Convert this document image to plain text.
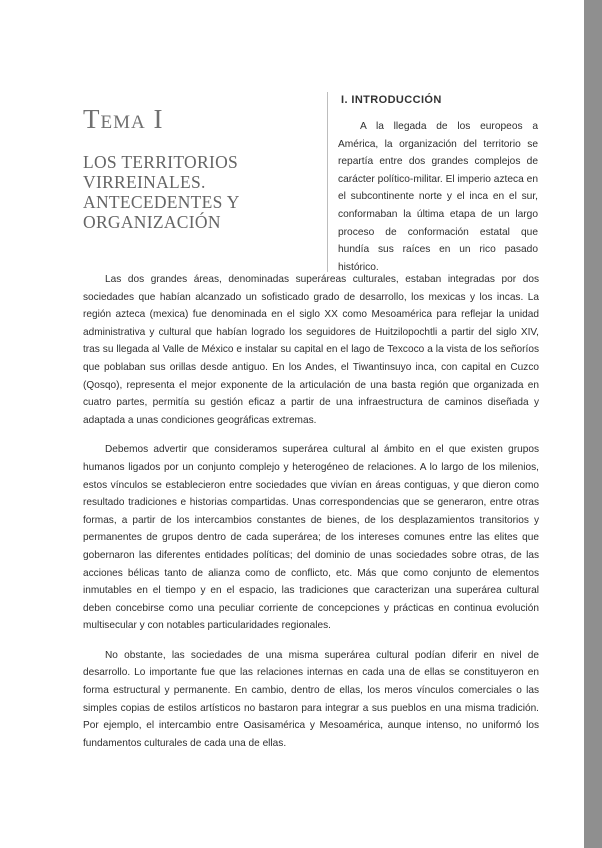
Tema I
LOS TERRITORIOS VIRREINALES. ANTECEDENTES Y ORGANIZACIÓN
I. INTRODUCCIÓN

A la llegada de los europeos a América, la organización del territorio se repartía entre dos grandes complejos de carácter político-militar. El imperio azteca en el subcontinente norte y el inca en el sur, conformaban la última etapa de un largo proceso de conformación estatal que hundía sus raíces en un rico pasado histórico.

Las dos grandes áreas, denominadas superáreas culturales, estaban integradas por dos sociedades que habían alcanzado un sofisticado grado de desarrollo, los mexicas y los incas. La región azteca (mexica) fue denominada en el siglo XX como Mesoamérica para reflejar la unidad administrativa y cultural que habían logrado los seguidores de Huitzilopochtli a partir del siglo XIV, tras su llegada al Valle de México e instalar su capital en el lago de Texcoco a la vista de los señoríos que poblaban sus orillas desde antiguo. En los Andes, el Tiwantinsuyo inca, con capital en Cuzco (Qosqo), representa el mejor exponente de la articulación de una basta región que organizada en cuatro partes, permitía su gestión eficaz a partir de una infraestructura de caminos diseñada y adaptada a unas condiciones geográficas extremas.

Debemos advertir que consideramos superárea cultural al ámbito en el que existen grupos humanos ligados por un conjunto complejo y heterogéneo de relaciones. A lo largo de los milenios, estos vínculos se establecieron entre sociedades que vivían en áreas contiguas, y que dieron como resultado tradiciones e historias compartidas. Unas correspondencias que se generaron, entre otras formas, a partir de los intercambios constantes de bienes, de los desplazamientos transitorios y permanentes de grupos dentro de cada superárea; de los intereses comunes entre las elites que gobernaron las diferentes entidades políticas; del dominio de unas sociedades sobre otras, de las acciones bélicas tanto de alianza como de conflicto, etc. Más que como conjunto de elementos inmutables en el tiempo y en el espacio, las tradiciones que caracterizan una superárea cultural deben concebirse como una peculiar corriente de concepciones y prácticas en continua evolución multisecular y con notables particularidades regionales.

No obstante, las sociedades de una misma superárea cultural podían diferir en nivel de desarrollo. Lo importante fue que las relaciones internas en cada una de ellas se constituyeron en forma estructural y permanente. En cambio, dentro de ellas, los meros vínculos comerciales o las simples copias de estilos artísticos no bastaron para integrar a sus pueblos en una misma tradición. Por ejemplo, el intercambio entre Oasisamérica y Mesoamérica, aunque intenso, no uniformó los fundamentos culturales de cada una de ellas.
